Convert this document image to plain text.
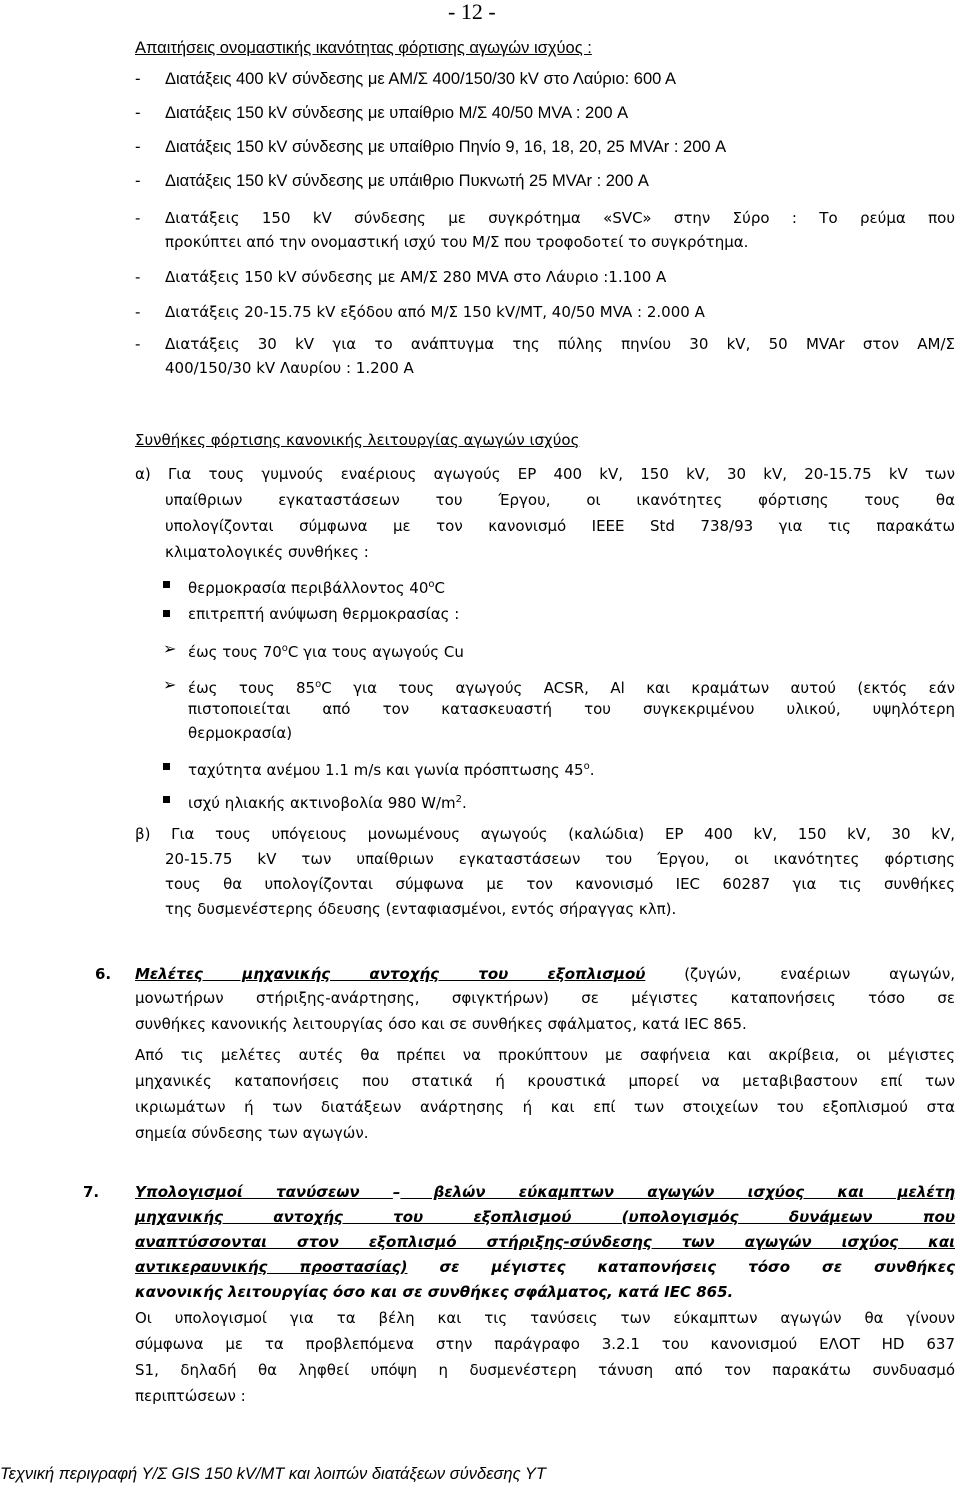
- 12 -
Απαιτήσεις ονομαστικής ικανότητας φόρτισης αγωγών ισχύος :
- Διατάξεις 400 kV σύνδεσης με ΑΜ/Σ 400/150/30 kV στο Λαύριο: 600 Α
- Διατάξεις 150 kV σύνδεσης με υπαίθριο Μ/Σ 40/50 MVA : 200 Α
- Διατάξεις 150 kV σύνδεσης με υπαίθριο Πηνίο 9, 16, 18, 20, 25 MVAr : 200 Α
- Διατάξεις 150 kV σύνδεσης με υπάιθριο Πυκνωτή 25 MVAr : 200 Α
- Διατάξεις 150 kV σύνδεσης με συγκρότημα «SVC» στην Σύρο : Το ρεύμα που
προκύπτει από την ονομαστική ισχύ του Μ/Σ που τροφοδοτεί το συγκρότημα.
- Διατάξεις 150 kV σύνδεσης με ΑΜ/Σ 280 MVA στο Λάυριο :1.100 Α
- Διατάξεις 20-15.75 kV εξόδου από Μ/Σ 150 kV/MT, 40/50 MVA : 2.000 Α
- Διατάξεις 30 kV για το ανάπτυγμα της πύλης πηνίου 30 kV, 50 MVAr στον ΑΜ/Σ
400/150/30 kV Λαυρίου : 1.200 Α
Συνθήκες φόρτισης κανονικής λειτουργίας αγωγών ισχύος
α) Για τους γυμνούς εναέριους αγωγούς ΕΡ 400 kV, 150 kV, 30 kV, 20-15.75 kV των
υπαίθριων εγκαταστάσεων του Έργου, οι ικανότητες φόρτισης τους θα
υπολογίζονται σύμφωνα με τον κανονισμό IEEE Std 738/93 για τις παρακάτω
κλιματολογικές συνθήκες :
θερμοκρασία περιβάλλοντος $40^oC$
επιτρεπτή ανύψωση θερμοκρασίας :
➢ έως τους $70^oC$ για τους αγωγούς Cu
➢ έως τους $85^oC$ για τους αγωγούς ACSR, Al και κραμάτων αυτού (εκτός εάν
πιστοποιείται από τον κατασκευαστή του συγκεκριμένου υλικού, υψηλότερη
θερμοκρασία)
ταχύτητα ανέμου 1.1 m/s και γωνία πρόσπτωσης $45^o$.
ισχύ ηλιακής ακτινοβολία 980 $W/m^2$.
β) Για τους υπόγειους μονωμένους αγωγούς (καλώδια) ΕΡ 400 kV, 150 kV, 30 kV,
20-15.75 kV των υπαίθριων εγκαταστάσεων του Έργου, οι ικανότητες φόρτισης
τους θα υπολογίζονται σύμφωνα με τον κανονισμό IEC 60287 για τις συνθήκες
της δυσμενέστερης όδευσης (ενταφιασμένοι, εντός σήραγγας κλπ).
6. Μελέτες μηχανικής αντοχής του εξοπλισμού	(ζυγών, εναέριων αγωγών,
μονωτήρων στήριξης-ανάρτησης, σφιγκτήρων) σε μέγιστες καταπονήσεις τόσο σε
συνθήκες κανονικής λειτουργίας όσο και σε συνθήκες σφάλματος, κατά IEC 865.
Από τις μελέτες αυτές θα πρέπει να προκύπτουν με σαφήνεια και ακρίβεια, οι μέγιστες
μηχανικές καταπονήσεις που στατικά ή κρουστικά μπορεί να μεταβιβαστουν επί των
ικριωμάτων ή των διατάξεων ανάρτησης ή και επί των στοιχείων του εξοπλισμού στα
σημεία σύνδεσης των αγωγών.
7. Υπολογισμοί τανύσεων – βελών εύκαμπτων αγωγών ισχύος και μελέτη
μηχανικής αντοχής του εξοπλισμού (υπολογισμός δυνάμεων που
αναπτύσσονται στον εξοπλισμό στήριξης-σύνδεσης των αγωγών ισχύος και
αντικεραυνικής προστασίας) σε μέγιστες καταπονήσεις τόσο σε συνθήκες
κανονικής λειτουργίας όσο και σε συνθήκες σφάλματος, κατά IEC 865.
Οι υπολογισμοί για τα βέλη και τις τανύσεις των εύκαμπτων αγωγών θα γίνουν
σύμφωνα με τα προβλεπόμενα στην παράγραφο 3.2.1 του κανονισμού ΕΛΟΤ HD 637
S1, δηλαδή θα ληφθεί υπόψη η δυσμενέστερη τάνυση από τον παρακάτω συνδυασμό
περιπτώσεων :
Τεχνική περιγραφή Υ/Σ GIS 150 kV/MT και λοιπών διατάξεων σύνδεσης ΥΤ
